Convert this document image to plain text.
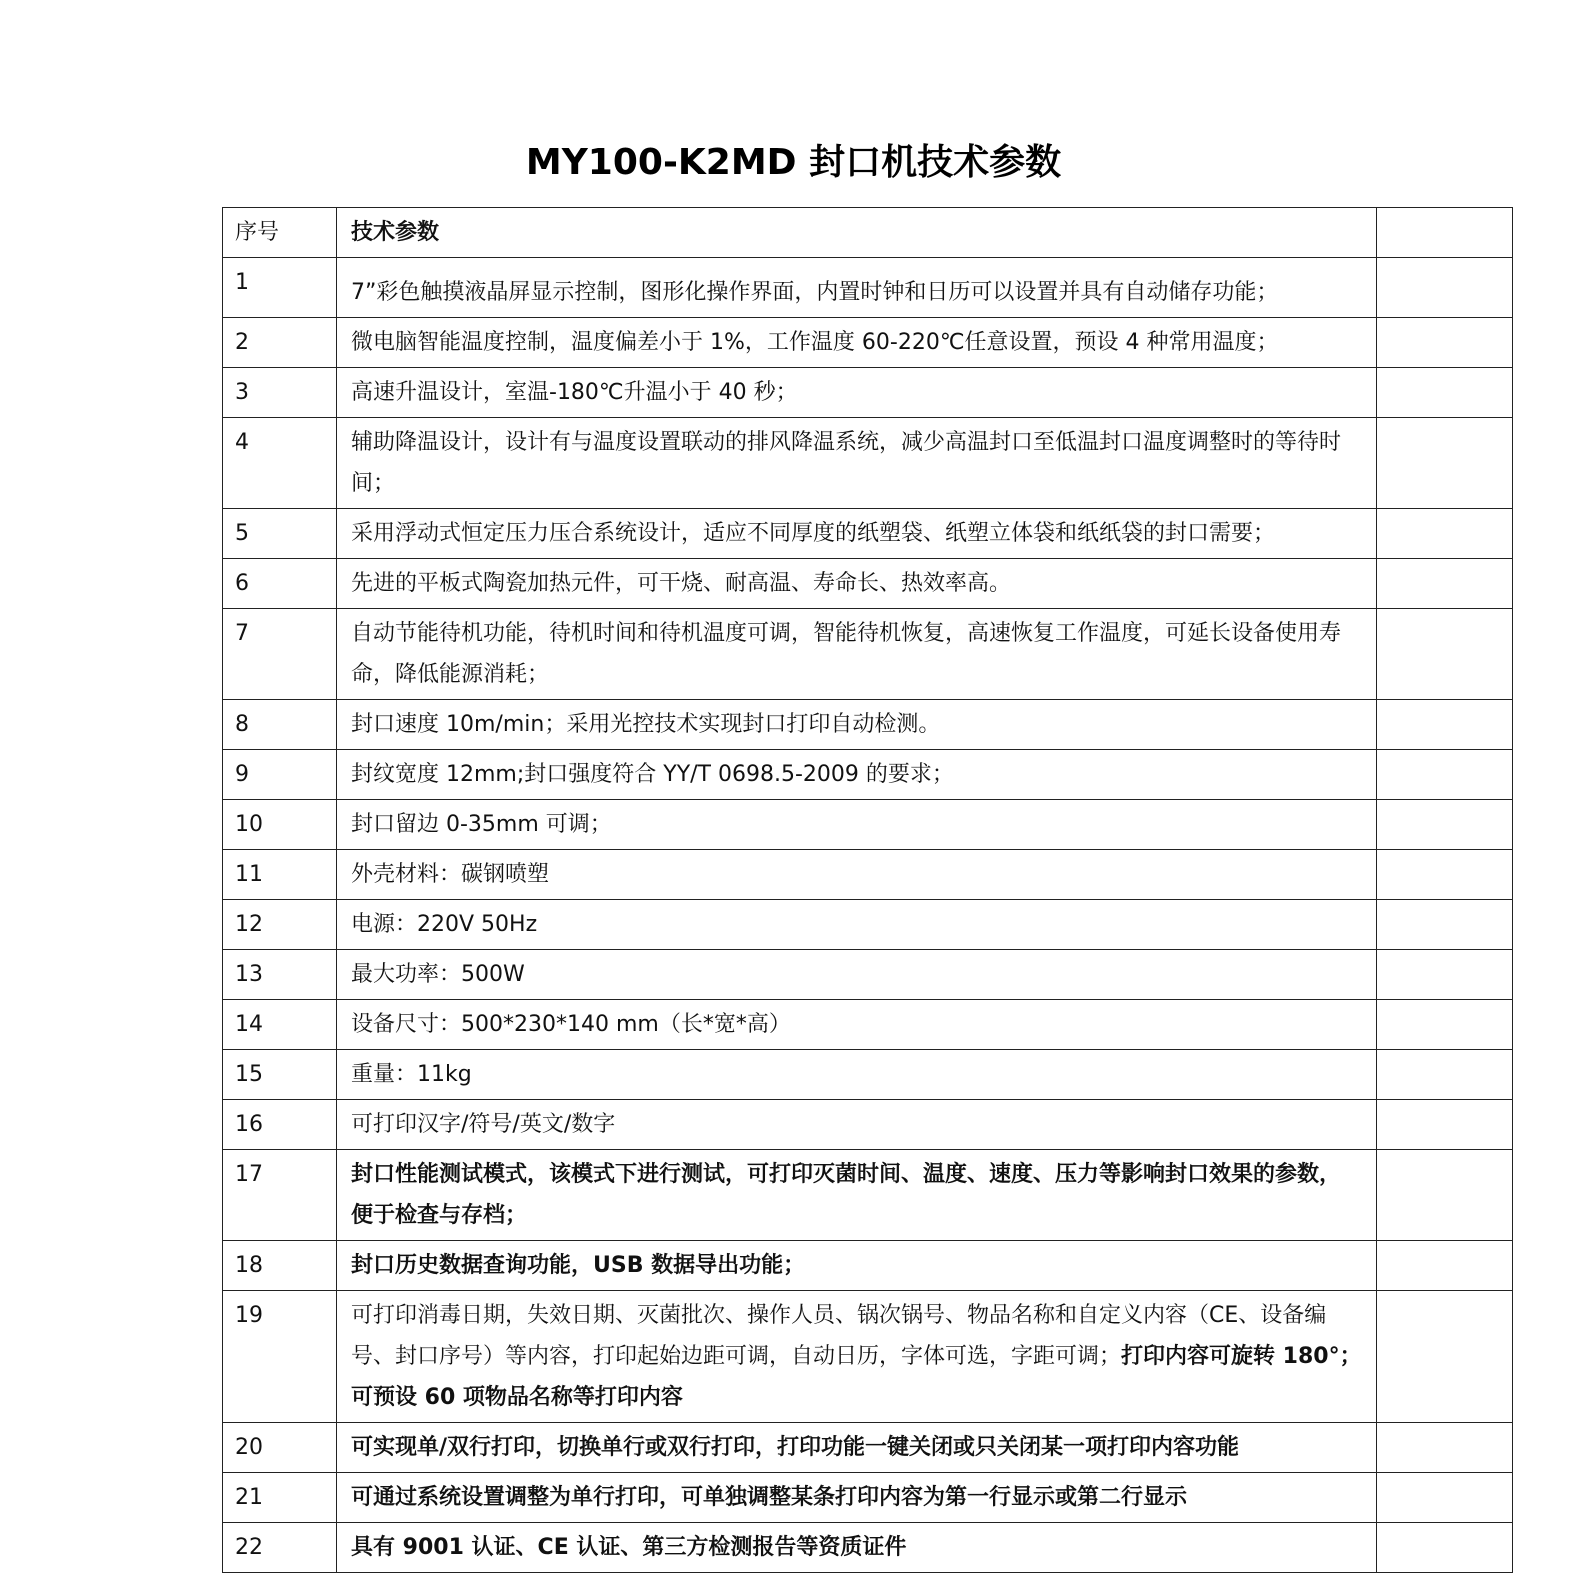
MY100-K2MD 封口机技术参数
序号	技术参数	
1	7”彩色触摸液晶屏显示控制，图形化操作界面，内置时钟和日历可以设置并具有自动储存功能；	
2	微电脑智能温度控制，温度偏差小于 1%，工作温度 60-220℃任意设置，预设 4 种常用温度；	
3	高速升温设计，室温-180℃升温小于 40 秒；	
4	辅助降温设计，设计有与温度设置联动的排风降温系统，减少高温封口至低温封口温度调整时的等待时间；	
5	采用浮动式恒定压力压合系统设计，适应不同厚度的纸塑袋、纸塑立体袋和纸纸袋的封口需要；	
6	先进的平板式陶瓷加热元件，可干烧、耐高温、寿命长、热效率高。	
7	自动节能待机功能，待机时间和待机温度可调，智能待机恢复，高速恢复工作温度，可延长设备使用寿命，降低能源消耗；	
8	封口速度 10m/min；采用光控技术实现封口打印自动检测。	
9	封纹宽度 12mm;封口强度符合 YY/T 0698.5-2009 的要求；	
10	封口留边 0-35mm 可调；	
11	外壳材料：碳钢喷塑	
12	电源：220V 50Hz	
13	最大功率：500W	
14	设备尺寸：500*230*140 mm（长*宽*高）	
15	重量：11kg	
16	可打印汉字/符号/英文/数字	
17	封口性能测试模式，该模式下进行测试，可打印灭菌时间、温度、速度、压力等影响封口效果的参数，便于检查与存档；	
18	封口历史数据查询功能，USB 数据导出功能；	
19	可打印消毒日期，失效日期、灭菌批次、操作人员、锅次锅号、物品名称和自定义内容（CE、设备编号、封口序号）等内容，打印起始边距可调，自动日历，字体可选，字距可调；打印内容可旋转 180°；可预设 60 项物品名称等打印内容	
20	可实现单/双行打印，切换单行或双行打印，打印功能一键关闭或只关闭某一项打印内容功能	
21	可通过系统设置调整为单行打印，可单独调整某条打印内容为第一行显示或第二行显示	
22	具有 9001 认证、CE 认证、第三方检测报告等资质证件	
